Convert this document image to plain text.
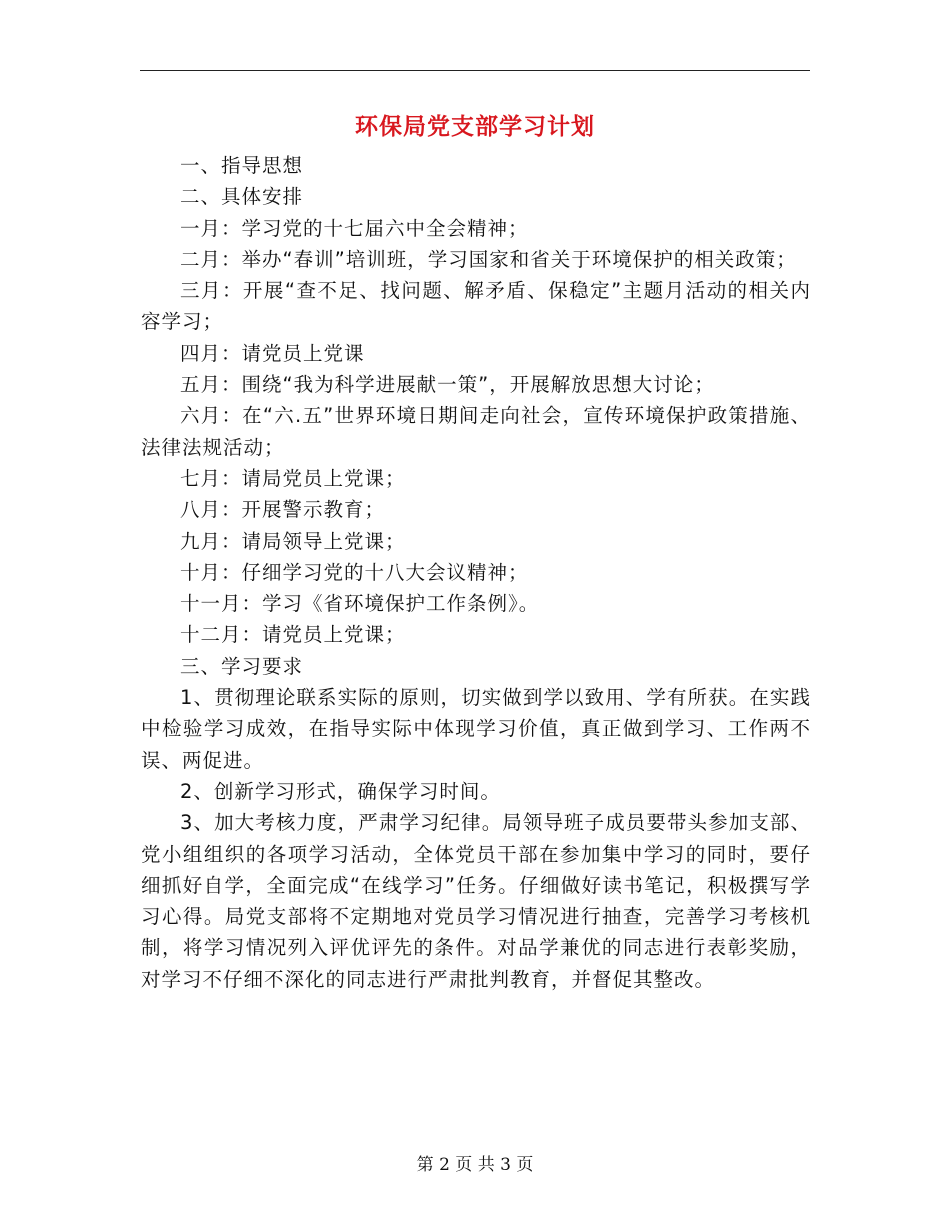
环保局党支部学习计划

一、指导思想

二、具体安排

一月：学习党的十七届六中全会精神；

二月：举办“春训”培训班，学习国家和省关于环境保护的相关政策；

三月：开展“查不足、找问题、解矛盾、保稳定”主题月活动的相关内容学习；

四月：请党员上党课

五月：围绕“我为科学进展献一策”，开展解放思想大讨论；

六月：在“六.五”世界环境日期间走向社会，宣传环境保护政策措施、法律法规活动；

七月：请局党员上党课；

八月：开展警示教育；

九月：请局领导上党课；

十月：仔细学习党的十八大会议精神；

十一月：学习《省环境保护工作条例》。

十二月：请党员上党课；

三、学习要求

1、贯彻理论联系实际的原则，切实做到学以致用、学有所获。在实践中检验学习成效，在指导实际中体现学习价值，真正做到学习、工作两不误、两促进。

2、创新学习形式，确保学习时间。

3、加大考核力度，严肃学习纪律。局领导班子成员要带头参加支部、党小组组织的各项学习活动，全体党员干部在参加集中学习的同时，要仔细抓好自学，全面完成“在线学习”任务。仔细做好读书笔记，积极撰写学习心得。局党支部将不定期地对党员学习情况进行抽查，完善学习考核机制，将学习情况列入评优评先的条件。对品学兼优的同志进行表彰奖励，对学习不仔细不深化的同志进行严肃批判教育，并督促其整改。

第 2 页 共 3 页
